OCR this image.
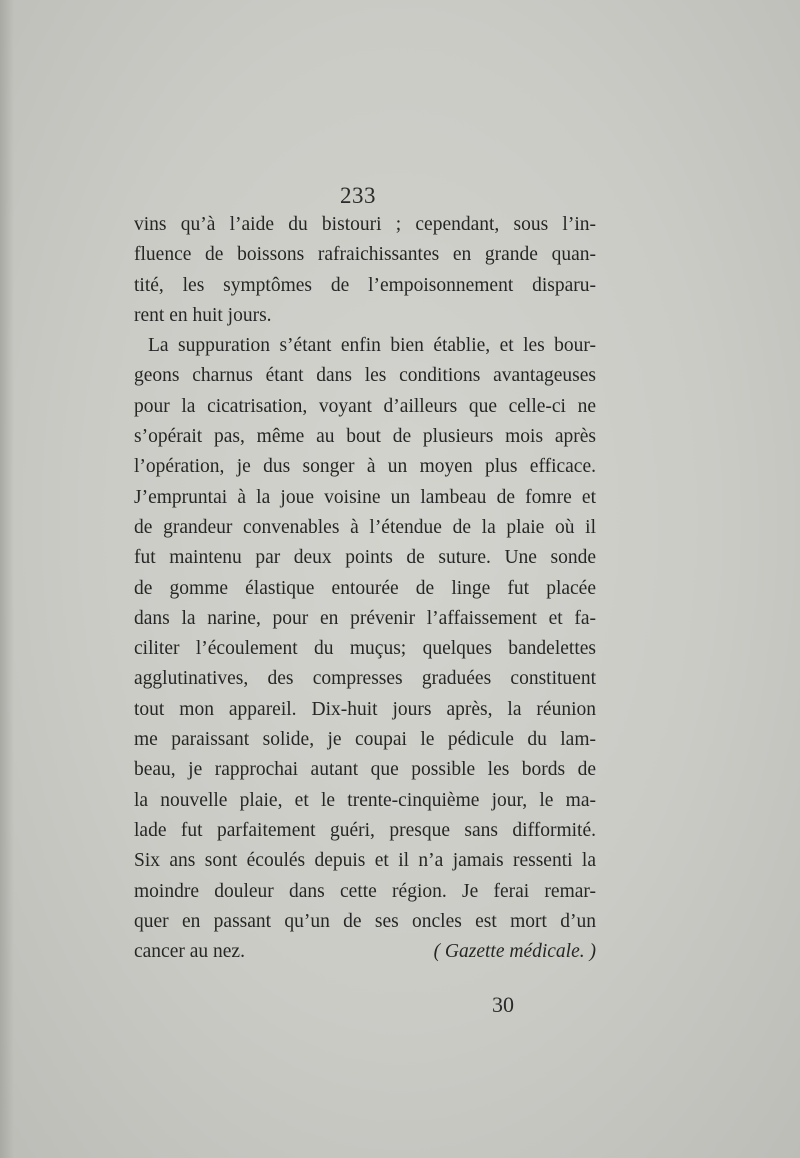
233
vins qu’à l’aide du bistouri ; cependant, sous l’in-
fluence de boissons rafraichissantes en grande quan-
tité, les symptômes de l’empoisonnement disparu-
rent en huit jours.
La suppuration s’étant enfin bien établie, et les bour-
geons charnus étant dans les conditions avantageuses
pour la cicatrisation, voyant d’ailleurs que celle-ci ne
s’opérait pas, même au bout de plusieurs mois après
l’opération, je dus songer à un moyen plus efficace.
J’empruntai à la joue voisine un lambeau de fomre et
de grandeur convenables à l’étendue de la plaie où il
fut maintenu par deux points de suture. Une sonde
de gomme élastique entourée de linge fut placée
dans la narine, pour en prévenir l’affaissement et fa-
ciliter l’écoulement du muçus; quelques bandelettes
agglutinatives, des compresses graduées constituent
tout mon appareil. Dix-huit jours après, la réunion
me paraissant solide, je coupai le pédicule du lam-
beau, je rapprochai autant que possible les bords de
la nouvelle plaie, et le trente-cinquième jour, le ma-
lade fut parfaitement guéri, presque sans difformité.
Six ans sont écoulés depuis et il n’a jamais ressenti la
moindre douleur dans cette région. Je ferai remar-
quer en passant qu’un de ses oncles est mort d’un
cancer au nez.	( Gazette médicale. )
30
